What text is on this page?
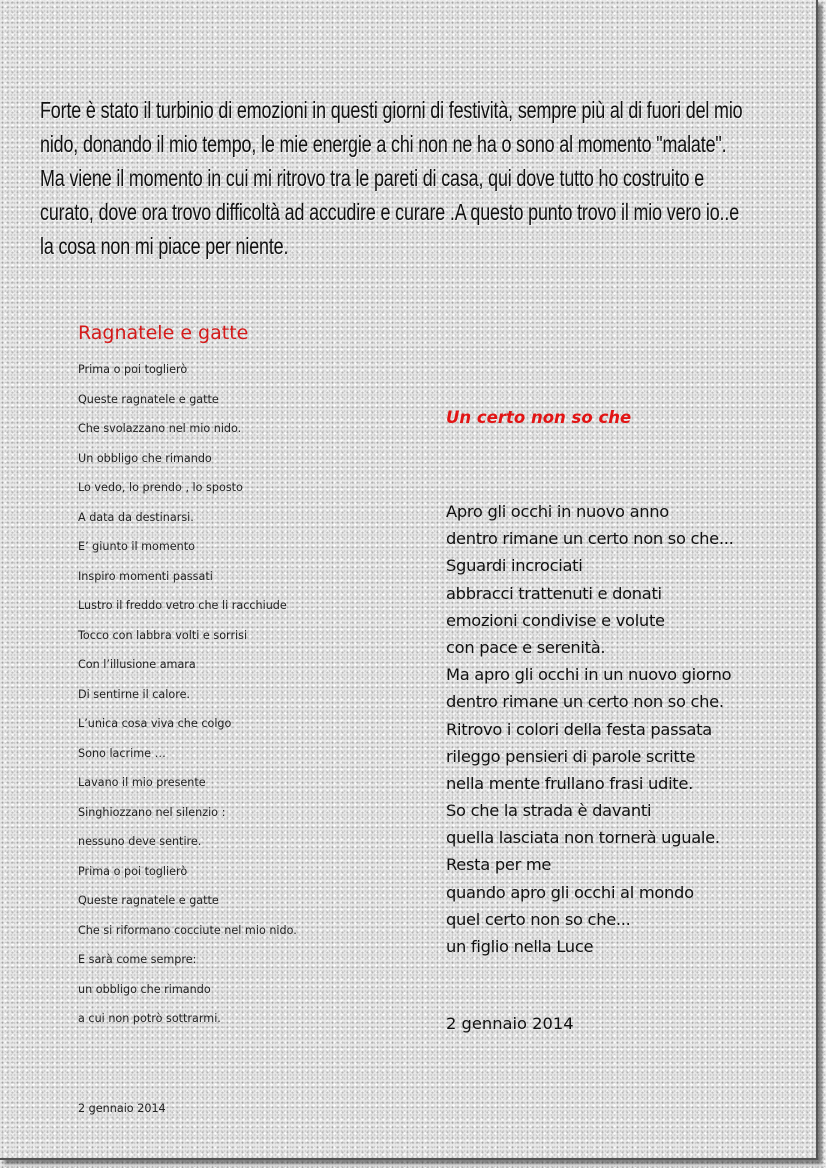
Forte è stato il turbinio di emozioni in questi giorni di festività, sempre più al di fuori del mio
nido, donando il mio tempo, le mie energie a chi non ne ha o sono al momento "malate".
Ma viene il momento in cui mi ritrovo tra le pareti di casa, qui dove tutto ho costruito e
curato, dove ora trovo difficoltà ad accudire e curare .A questo punto trovo il mio vero io..e
la cosa non mi piace per niente.
Ragnatele e gatte
Prima o poi toglierò
Queste ragnatele e gatte
Che svolazzano nel mio nido.
Un obbligo che rimando
Lo vedo, lo prendo , lo sposto
A data da destinarsi.
E’ giunto il momento
Inspiro momenti passati
Lustro il freddo vetro che li racchiude
Tocco con labbra volti e sorrisi
Con l’illusione amara
Di sentirne il calore.
L’unica cosa viva che colgo
Sono lacrime …
Lavano il mio presente
Singhiozzano nel silenzio :
nessuno deve sentire.
Prima o poi toglierò
Queste ragnatele e gatte
Che si riformano cocciute nel mio nido.
E sarà come sempre:
un obbligo che rimando
a cui non potrò sottrarmi.
2 gennaio 2014
Un certo non so che
Apro gli occhi in nuovo anno
dentro rimane un certo non so che...
Sguardi incrociati
abbracci trattenuti e donati
emozioni condivise e volute
con pace e serenità.
Ma apro gli occhi in un nuovo giorno
dentro rimane un certo non so che.
Ritrovo i colori della festa passata
rileggo pensieri di parole scritte
nella mente frullano frasi udite.
So che la strada è davanti
quella lasciata non tornerà uguale.
Resta per me
quando apro gli occhi al mondo
quel certo non so che...
un figlio nella Luce
2 gennaio 2014
